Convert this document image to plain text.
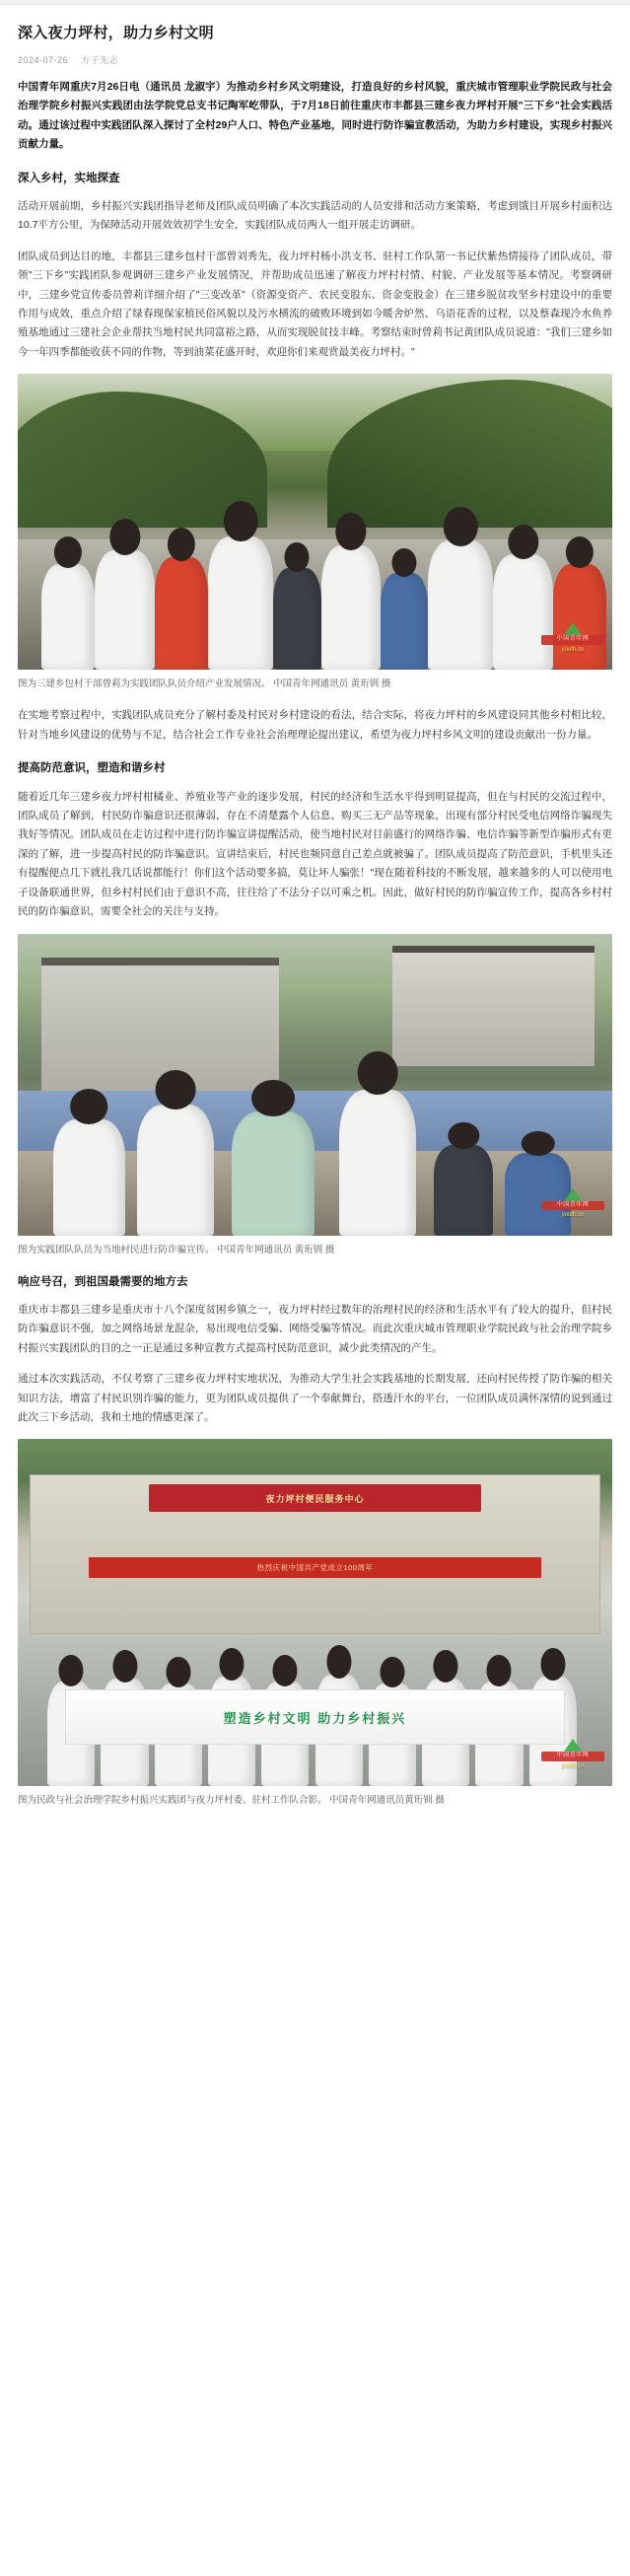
深入夜力坪村，助力乡村文明
2024-07-26 方子先志

中国青年网重庆7月26日电（通讯员 龙淑宇）为推动乡村乡风文明建设，打造良好的乡村风貌，重庆城市管理职业学院民政与社会治理学院乡村振兴实践团由法学院党总支书记陶军屹带队，于7月18日前往重庆市丰都县三建乡夜力坪村开展"三下乡"社会实践活动。通过该过程中实践团队深入探讨了全村29户人口、特色产业基地，同时进行防诈骗宣教活动，为助力乡村建设，实现乡村振兴贡献力量。

深入乡村，实地探查

活动开展前期，乡村振兴实践团指导老师及团队成员明确了本次实践活动的人员安排和活动方案策略，考虑到饿目开展乡村面积达10.7平方公里，为保障活动开展效效初学生安全，实践团队成员两人一组开展走访调研。

团队成员到达目的地，丰都县三建乡包村干部曾刘秀先，夜力坪村杨小洪支书、驻村工作队第一书记伏紫热情接待了团队成员，带领"三下乡"实践团队参观调研三建乡产业发展情况，并帮助成员迅速了解夜力坪村村情、村貌、产业发展等基本情况。考察调研中，三建乡党宣传委员曾莉详细介绍了"三变改革"（资源变资产、农民变股东、资金变股金）在三建乡脱贫攻坚乡村建设中的重要作用与成效，重点介绍了绿春现保家植民俗风貌以及污水横流的破败环境到如今暖舍炉然、乌语花香的过程，以及蔡森现冷水鱼养殖基地通过三建社会企业帮扶当地村民共同富裕之路，从而实现脱贫技丰峰。考察结束时曾莉书记黄团队成员说道："我们三建乡如今一年四季都能收获不同的作物，等到油菜花盛开时，欢迎你们来观赏最美夜力坪村。"

中国青年网
youth.cn
图为三建乡包村干部曾莉为实践团队队员介绍产业发展情况。 中国青年网通讯员 黄珩钏 摄

在实地考察过程中，实践团队成员充分了解村委及村民对乡村建设的看法，结合实际，将夜力坪村的乡风建设同其他乡村相比较，针对当地乡风建设的优势与不足，结合社会工作专业社会治理理论提出建议，希望为夜力坪村乡风文明的建设贡献出一份力量。

提高防范意识，塑造和谐乡村

随着近几年三建乡夜力坪村柑橘业、养殖业等产业的逐步发展，村民的经济和生活水平得到明显提高，但在与村民的交流过程中，团队成员了解到，村民防诈骗意识还很薄弱，存在不清楚露个人信息、购买三无产品等现象，出现有部分村民受电信网络诈骗现失我好等情况。团队成员在走访过程中进行防诈骗宣讲提醒活动，使当地村民对目前盛行的网络诈骗、电信诈骗等新型诈骗形式有更深的了解，进一步提高村民的防诈骗意识。宣讲结束后，村民也频同意自己差点就被骗了。团队成员提高了防范意识，手机里头还有提醒便点几下就扎我几话说都能行！你们这个活动要多搞，莫让坏人骗张！"现在随着科技的不断发展，越来越多的人可以使用电子设备联通世界，但乡村村民们由于意识不高，往往给了不法分子以可乘之机。因此，做好村民的防诈骗宣传工作，提高各乡村村民的防诈骗意识，需要全社会的关注与支持。

中国青年网
youth.cn
图为实践团队队员为当地村民进行防诈骗宣传。 中国青年网通讯员 黄珩钏 摄
响应号召，到祖国最需要的地方去

重庆市丰都县三建乡是重庆市十八个深度贫困乡镇之一，夜力坪村经过数年的治理村民的经济和生活水平有了较大的提升，但村民防诈骗意识不强，加之网络场景龙混杂，易出现电信受骗、网络受骗等情况。而此次重庆城市管理职业学院民政与社会治理学院乡村振兴实践团队的目的之一正是通过多种宣教方式提高村民防范意识，减少此类情况的产生。

通过本次实践活动，不仅考察了三建乡夜力坪村实地状况，为推动大学生社会实践基地的长期发展，还向村民传授了防诈骗的相关知识方法，增富了村民识别诈骗的能力，更为团队成员提供了一个奉献舞台，搭透汗水的平台，一位团队成员满怀深情的说到通过此次三下乡活动，我和土地的情感更深了。

夜力坪村便民服务中心
热烈庆祝中国共产党成立100周年
塑造乡村文明 助力乡村振兴
中国青年网
youth.cn
图为民政与社会治理学院乡村振兴实践团与夜力坪村委、驻村工作队合影。 中国青年网通讯员黄珩钏 摄
